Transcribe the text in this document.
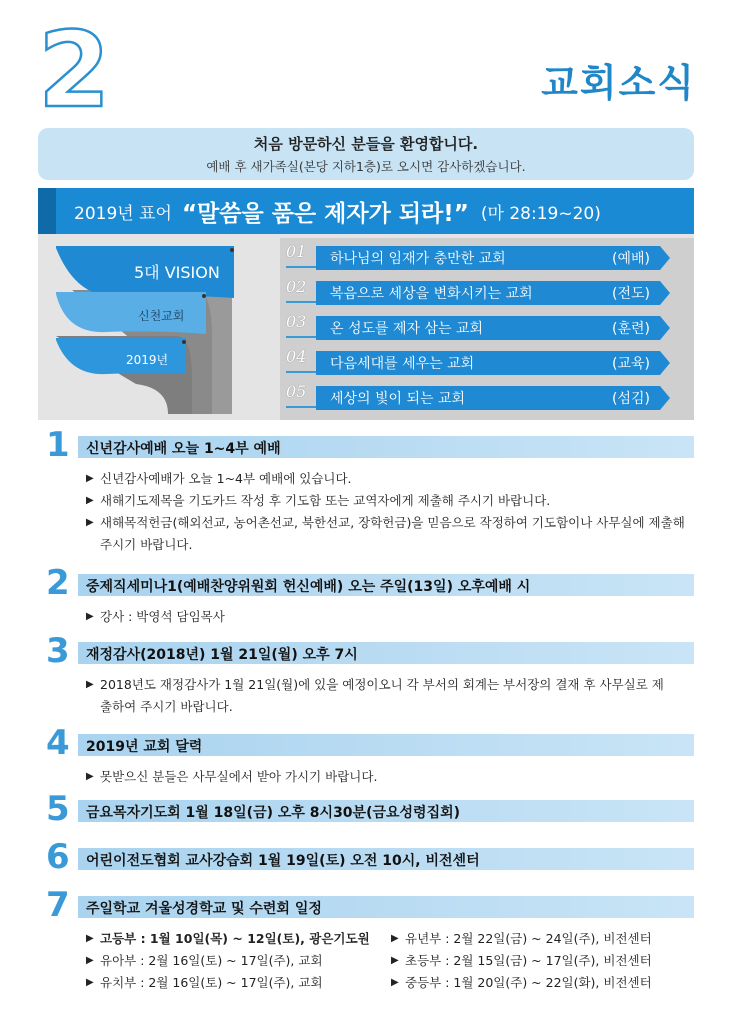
2	교회소식
처음 방문하신 분들을 환영합니다.
예배 후 새가족실(본당 지하1층)로 오시면 감사하겠습니다.
2019년 표어 “말씀을 품은 제자가 되라!” (마 28:19~20)
5대 VISION
신천교회
2019년
01	하나님의 임재가 충만한 교회	(예배)
02	복음으로 세상을 변화시키는 교회	(전도)
03	온 성도를 제자 삼는 교회	(훈련)
04	다음세대를 세우는 교회	(교육)
05	세상의 빛이 되는 교회	(섬김)
1 신년감사예배 오늘 1~4부 예배
▶ 신년감사예배가 오늘 1~4부 예배에 있습니다.
▶ 새해기도제목을 기도카드 작성 후 기도함 또는 교역자에게 제출해 주시기 바랍니다.
▶ 새해목적헌금(해외선교, 농어촌선교, 북한선교, 장학헌금)을 믿음으로 작정하여 기도함이나 사무실에 제출해 주시기 바랍니다.
2 중제직세미나1(예배찬양위원회 헌신예배) 오는 주일(13일) 오후예배 시
▶ 강사 : 박영석 담임목사
3 재정감사(2018년) 1월 21일(월) 오후 7시
▶ 2018년도 재정감사가 1월 21일(월)에 있을 예정이오니 각 부서의 회계는 부서장의 결재 후 사무실로 제출하여 주시기 바랍니다.
4 2019년 교회 달력
▶ 못받으신 분들은 사무실에서 받아 가시기 바랍니다.
5 금요목자기도회 1월 18일(금) 오후 8시30분(금요성령집회)
6 어린이전도협회 교사강습회 1월 19일(토) 오전 10시, 비전센터
7 주일학교 겨울성경학교 및 수련회 일정
▶ 고등부 : 1월 10일(목) ~ 12일(토), 광은기도원
▶ 유아부 : 2월 16일(토) ~ 17일(주), 교회
▶ 유치부 : 2월 16일(토) ~ 17일(주), 교회
▶ 유년부 : 2월 22일(금) ~ 24일(주), 비전센터
▶ 초등부 : 2월 15일(금) ~ 17일(주), 비전센터
▶ 중등부 : 1월 20일(주) ~ 22일(화), 비전센터
